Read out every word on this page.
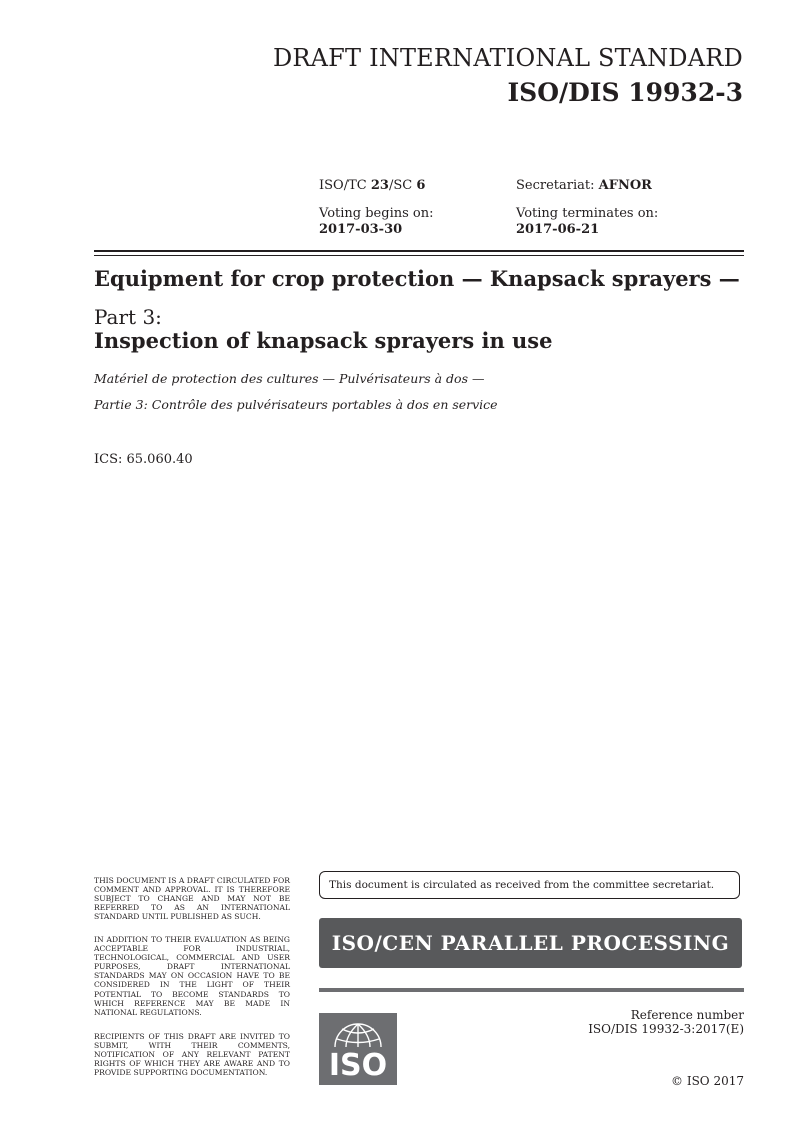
DRAFT INTERNATIONAL STANDARD
ISO/DIS 19932-3
ISO/TC 23/SC 6	Secretariat: AFNOR
Voting begins on:
2017-03-30
Voting terminates on:
2017-06-21
Equipment for crop protection — Knapsack sprayers —
Part 3:
Inspection of knapsack sprayers in use
Matériel de protection des cultures — Pulvérisateurs à dos —
Partie 3: Contrôle des pulvérisateurs portables à dos en service
ICS: 65.060.40
THIS DOCUMENT IS A DRAFT CIRCULATED FOR COMMENT AND APPROVAL. IT IS THEREFORE SUBJECT TO CHANGE AND MAY NOT BE REFERRED TO AS AN INTERNATIONAL STANDARD UNTIL PUBLISHED AS SUCH.
IN ADDITION TO THEIR EVALUATION AS BEING ACCEPTABLE FOR INDUSTRIAL, TECHNOLOGICAL, COMMERCIAL AND USER PURPOSES, DRAFT INTERNATIONAL STANDARDS MAY ON OCCASION HAVE TO BE CONSIDERED IN THE LIGHT OF THEIR POTENTIAL TO BECOME STANDARDS TO WHICH REFERENCE MAY BE MADE IN NATIONAL REGULATIONS.
RECIPIENTS OF THIS DRAFT ARE INVITED TO SUBMIT, WITH THEIR COMMENTS, NOTIFICATION OF ANY RELEVANT PATENT RIGHTS OF WHICH THEY ARE AWARE AND TO PROVIDE SUPPORTING DOCUMENTATION.
This document is circulated as received from the committee secretariat.
ISO/CEN PARALLEL PROCESSING
ISO
Reference number
ISO/DIS 19932-3:2017(E)
© ISO 2017
